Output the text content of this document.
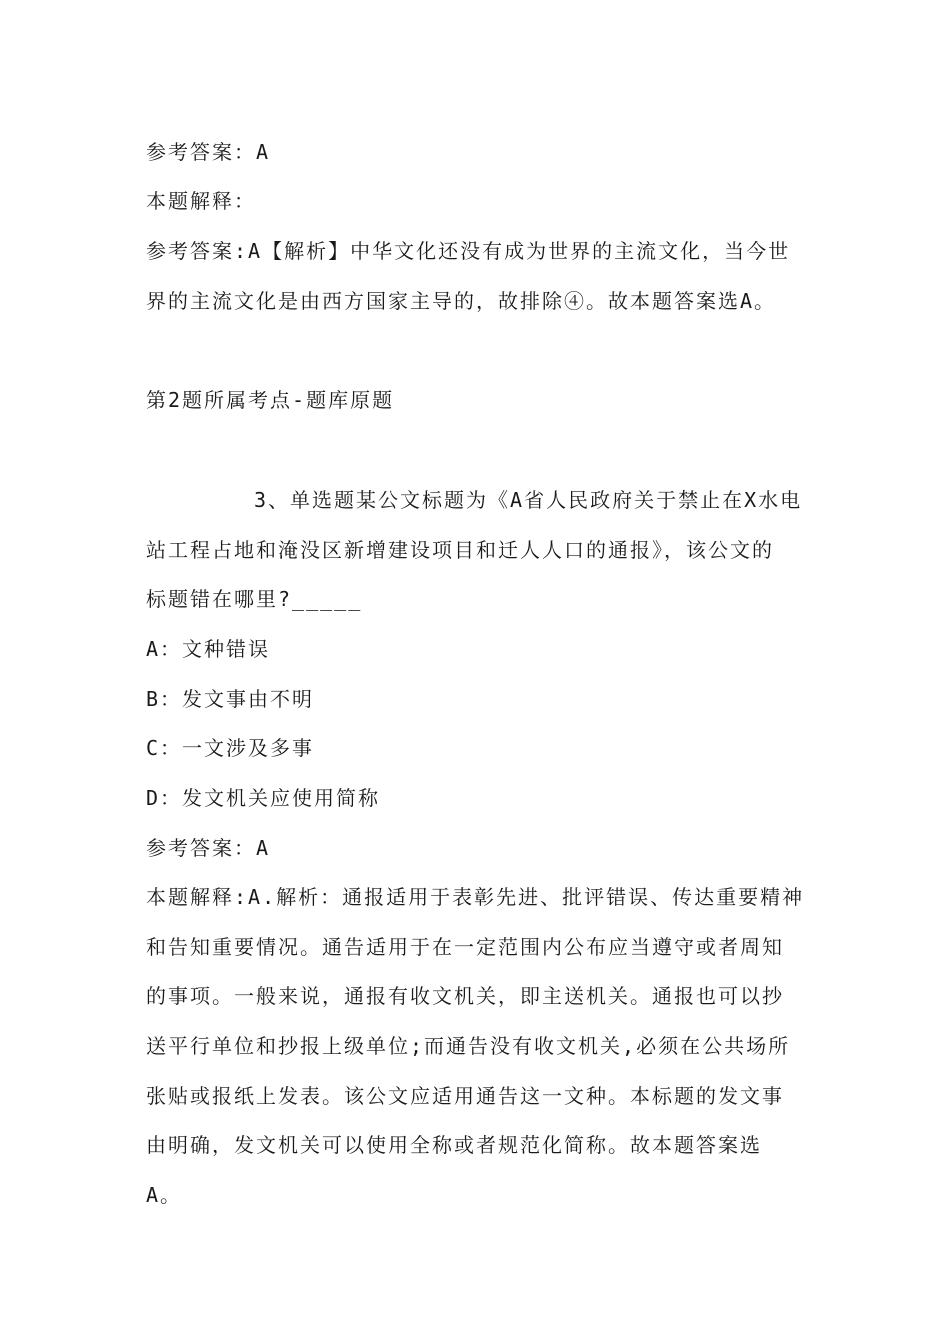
参考答案：A
本题解释：
参考答案:A【解析】中华文化还没有成为世界的主流文化，当今世
界的主流文化是由西方国家主导的，故排除④。故本题答案选A。
第2题所属考点-题库原题
3、单选题某公文标题为《A省人民政府关于禁止在X水电
站工程占地和淹没区新增建设项目和迁人人口的通报》，该公文的
标题错在哪里?_____
A：文种错误
B：发文事由不明
C：一文涉及多事
D：发文机关应使用简称
参考答案：A
本题解释:A.解析：通报适用于表彰先进、批评错误、传达重要精神
和告知重要情况。通告适用于在一定范围内公布应当遵守或者周知
的事项。一般来说，通报有收文机关，即主送机关。通报也可以抄
送平行单位和抄报上级单位;而通告没有收文机关,必须在公共场所
张贴或报纸上发表。该公文应适用通告这一文种。本标题的发文事
由明确，发文机关可以使用全称或者规范化简称。故本题答案选
A。
